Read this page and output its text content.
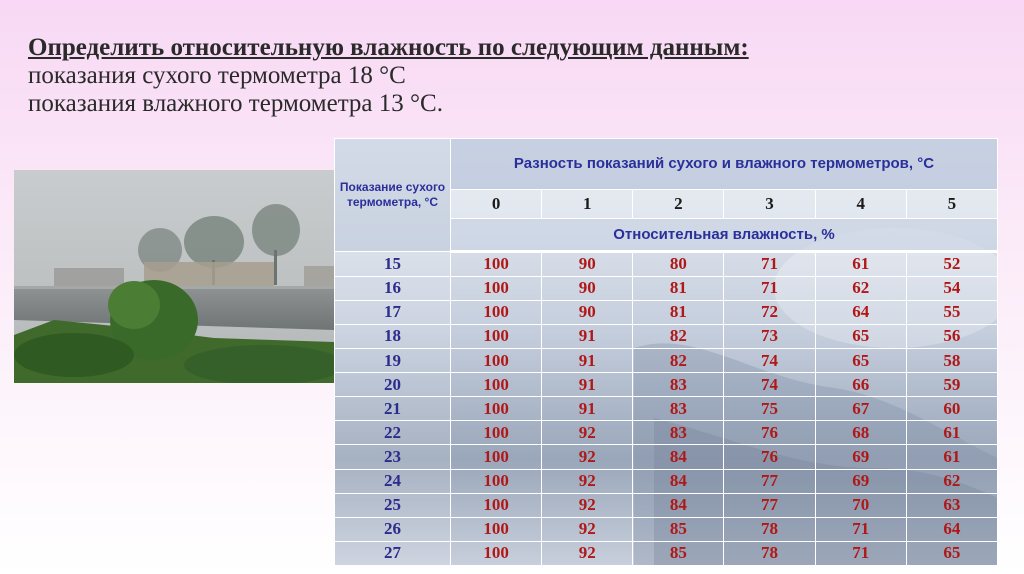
Определить относительную влажность по следующим данным:
показания сухого термометра 18 °С
показания влажного термометра 13 °С.
Показание сухого термометра, °С	Разность показаний сухого и влажного термометров, °С					
	0	1	2	3	4	5
	Относительная влажность, %					
15	100	90	80	71	61	52
16	100	90	81	71	62	54
17	100	90	81	72	64	55
18	100	91	82	73	65	56
19	100	91	82	74	65	58
20	100	91	83	74	66	59
21	100	91	83	75	67	60
22	100	92	83	76	68	61
23	100	92	84	76	69	61
24	100	92	84	77	69	62
25	100	92	84	77	70	63
26	100	92	85	78	71	64
27	100	92	85	78	71	65
